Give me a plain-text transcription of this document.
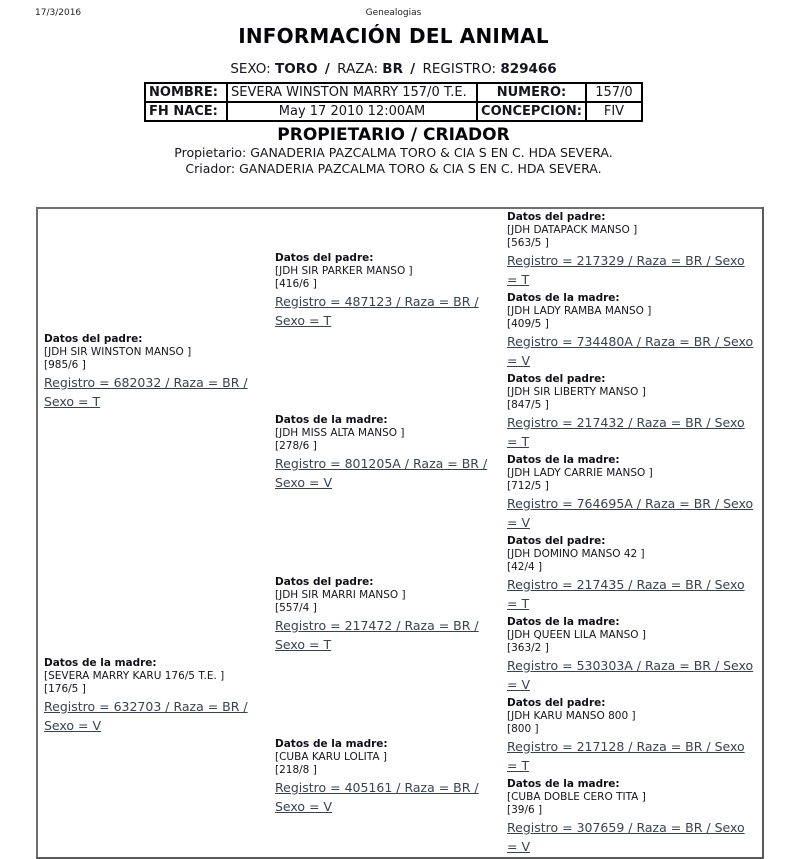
17/3/2016	Genealogias
INFORMACIÓN DEL ANIMAL
SEXO: TORO / RAZA: BR / REGISTRO: 829466
NOMBRE:	SEVERA WINSTON MARRY 157/0 T.E.	NUMERO:	157/0
FH NACE:	May 17 2010 12:00AM	CONCEPCION:	FIV
PROPIETARIO / CRIADOR
Propietario: GANADERIA PAZCALMA TORO & CIA S EN C. HDA SEVERA.
Criador: GANADERIA PAZCALMA TORO & CIA S EN C. HDA SEVERA.
Datos del padre:
[JDH SIR WINSTON MANSO ]
[985/6 ]
Registro = 682032 / Raza = BR / Sexo = T

Datos del padre:
[JDH SIR PARKER MANSO ]
[416/6 ]
Registro = 487123 / Raza = BR / Sexo = T

Datos del padre:
[JDH DATAPACK MANSO ]
[563/5 ]
Registro = 217329 / Raza = BR / Sexo = T

		Datos de la madre:
[JDH LADY RAMBA MANSO ]
[409/5 ]
Registro = 734480A / Raza = BR / Sexo = V

Datos de la madre:
[JDH MISS ALTA MANSO ]
[278/6 ]
Registro = 801205A / Raza = BR / Sexo = V

Datos del padre:
[JDH SIR LIBERTY MANSO ]
[847/5 ]
Registro = 217432 / Raza = BR / Sexo = T

		Datos de la madre:
[JDH LADY CARRIE MANSO ]
[712/5 ]
Registro = 764695A / Raza = BR / Sexo = V

Datos de la madre:
[SEVERA MARRY KARU 176/5 T.E. ]
[176/5 ]
Registro = 632703 / Raza = BR / Sexo = V

Datos del padre:
[JDH SIR MARRI MANSO ]
[557/4 ]
Registro = 217472 / Raza = BR / Sexo = T

Datos del padre:
[JDH DOMINO MANSO 42 ]
[42/4 ]
Registro = 217435 / Raza = BR / Sexo = T

		Datos de la madre:
[JDH QUEEN LILA MANSO ]
[363/2 ]
Registro = 530303A / Raza = BR / Sexo = V

Datos de la madre:
[CUBA KARU LOLITA ]
[218/8 ]
Registro = 405161 / Raza = BR / Sexo = V

Datos del padre:
[JDH KARU MANSO 800 ]
[800 ]
Registro = 217128 / Raza = BR / Sexo = T

		Datos de la madre:
[CUBA DOBLE CERO TITA ]
[39/6 ]
Registro = 307659 / Raza = BR / Sexo = V
